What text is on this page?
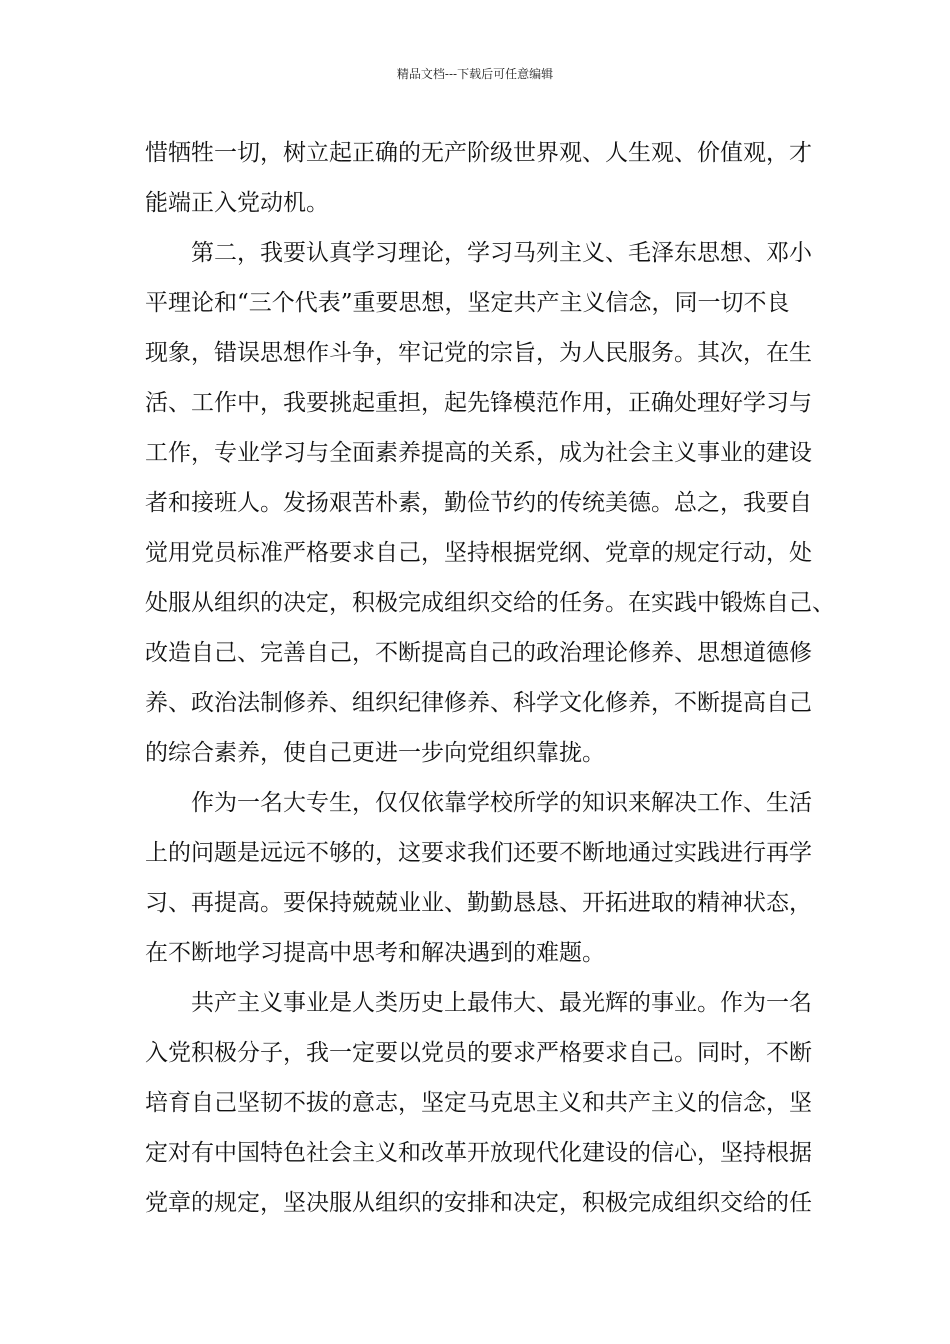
精品文档---下载后可任意编辑
惜牺牲一切，树立起正确的无产阶级世界观、人生观、价值观，才
能端正入党动机。
　　第二，我要认真学习理论，学习马列主义、毛泽东思想、邓小
平理论和“三个代表”重要思想，坚定共产主义信念，同一切不良
现象，错误思想作斗争，牢记党的宗旨，为人民服务。其次，在生
活、工作中，我要挑起重担，起先锋模范作用，正确处理好学习与
工作，专业学习与全面素养提高的关系，成为社会主义事业的建设
者和接班人。发扬艰苦朴素，勤俭节约的传统美德。总之，我要自
觉用党员标准严格要求自己，坚持根据党纲、党章的规定行动，处
处服从组织的决定，积极完成组织交给的任务。在实践中锻炼自己、
改造自己、完善自己，不断提高自己的政治理论修养、思想道德修
养、政治法制修养、组织纪律修养、科学文化修养，不断提高自己
的综合素养，使自己更进一步向党组织靠拢。
　　作为一名大专生，仅仅依靠学校所学的知识来解决工作、生活
上的问题是远远不够的，这要求我们还要不断地通过实践进行再学
习、再提高。要保持兢兢业业、勤勤恳恳、开拓进取的精神状态，
在不断地学习提高中思考和解决遇到的难题。
　　共产主义事业是人类历史上最伟大、最光辉的事业。作为一名
入党积极分子，我一定要以党员的要求严格要求自己。同时，不断
培育自己坚韧不拔的意志，坚定马克思主义和共产主义的信念，坚
定对有中国特色社会主义和改革开放现代化建设的信心，坚持根据
党章的规定，坚决服从组织的安排和决定，积极完成组织交给的任
